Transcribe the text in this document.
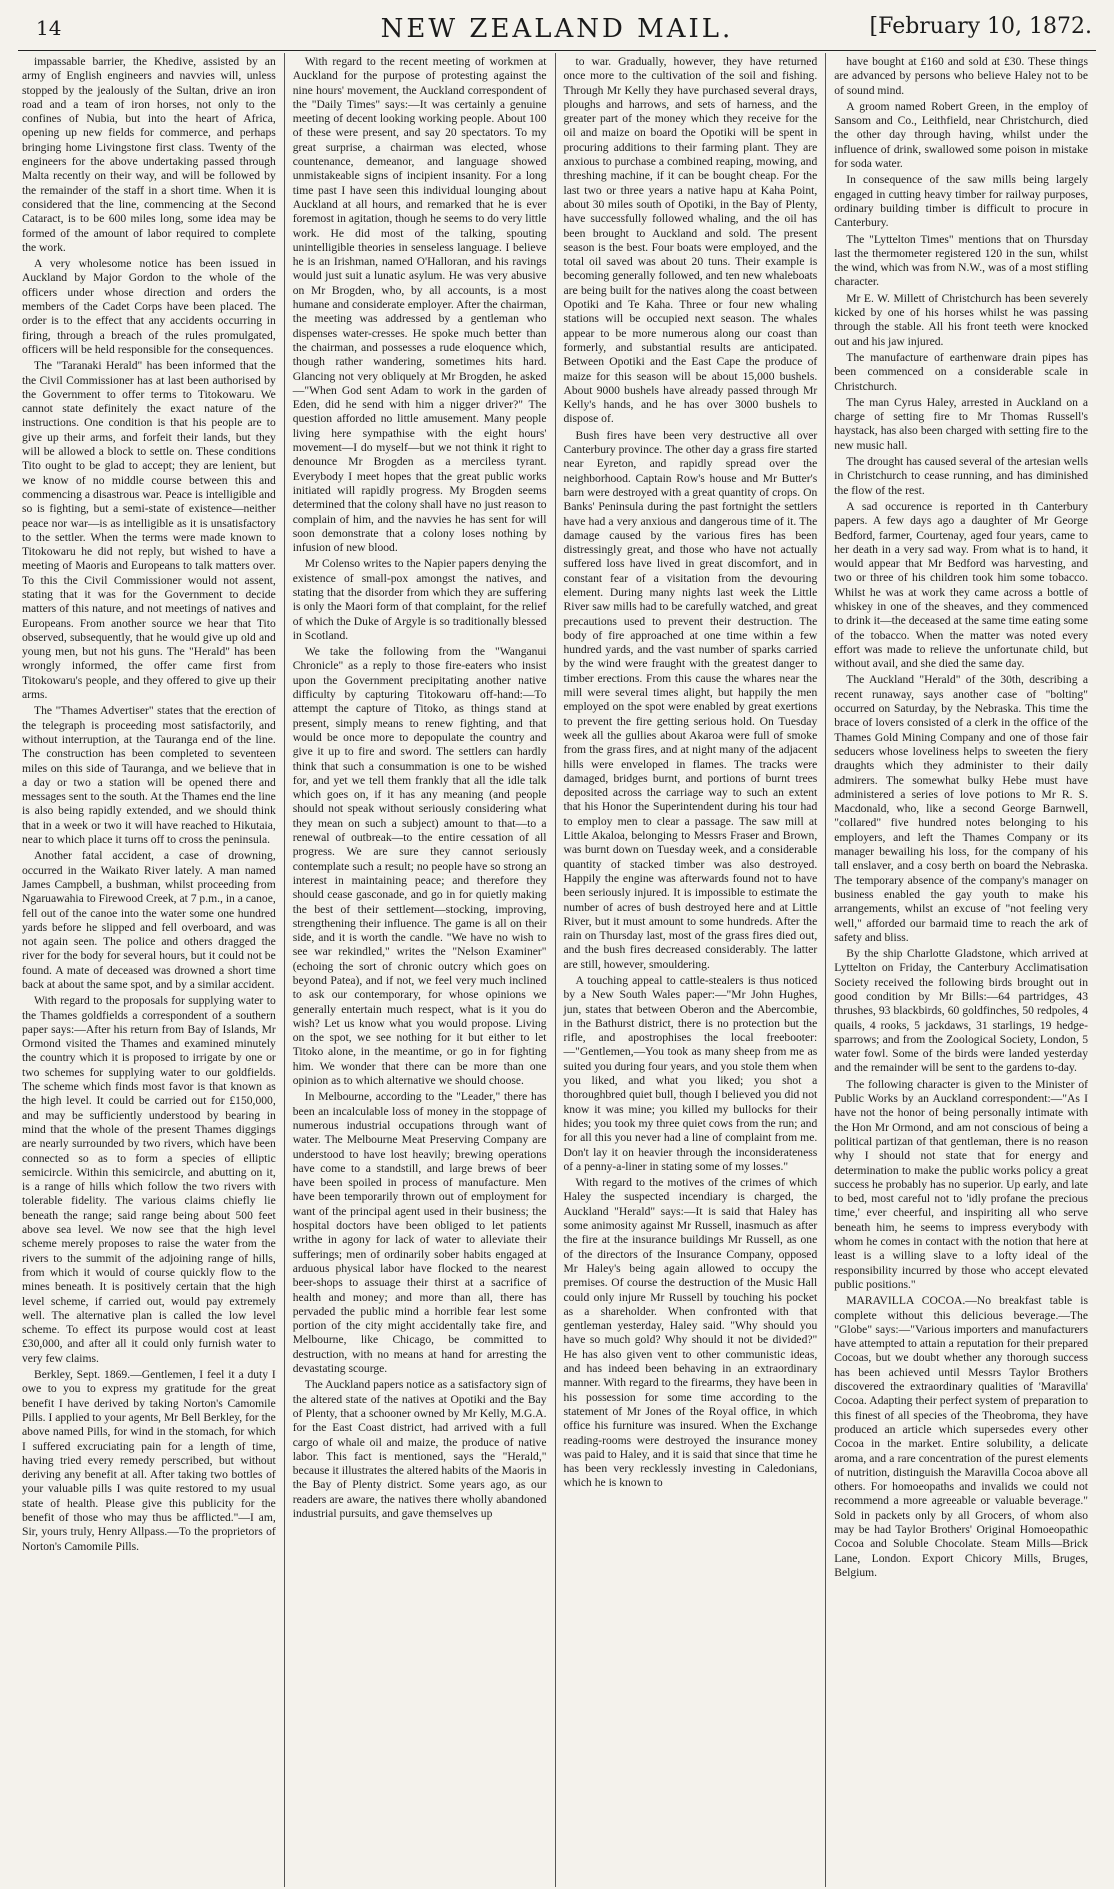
14	NEW ZEALAND MAIL.	[February 10, 1872.

impassable barrier, the Khedive, assisted by an army of English engineers and navvies will, unless stopped by the jealously of the Sultan, drive an iron road and a team of iron horses, not only to the confines of Nubia, but into the heart of Africa, opening up new fields for commerce, and perhaps bringing home Livingstone first class. Twenty of the engineers for the above undertaking passed through Malta recently on their way, and will be followed by the remainder of the staff in a short time. When it is considered that the line, commencing at the Second Cataract, is to be 600 miles long, some idea may be formed of the amount of labor required to complete the work.

A very wholesome notice has been issued in Auckland by Major Gordon to the whole of the officers under whose direction and orders the members of the Cadet Corps have been placed. The order is to the effect that any accidents occurring in firing, through a breach of the rules promulgated, officers will be held responsible for the consequences.

The "Taranaki Herald" has been informed that the the Civil Commissioner has at last been authorised by the Government to offer terms to Titokowaru. We cannot state definitely the exact nature of the instructions. One condition is that his people are to give up their arms, and forfeit their lands, but they will be allowed a block to settle on. These conditions Tito ought to be glad to accept; they are lenient, but we know of no middle course between this and commencing a disastrous war. Peace is intelligible and so is fighting, but a semi-state of existence—neither peace nor war—is as intelligible as it is unsatisfactory to the settler. When the terms were made known to Titokowaru he did not reply, but wished to have a meeting of Maoris and Europeans to talk matters over. To this the Civil Commissioner would not assent, stating that it was for the Government to decide matters of this nature, and not meetings of natives and Europeans. From another source we hear that Tito observed, subsequently, that he would give up old and young men, but not his guns. The "Herald" has been wrongly informed, the offer came first from Titokowaru's people, and they offered to give up their arms.

The "Thames Advertiser" states that the erection of the telegraph is proceeding most satisfactorily, and without interruption, at the Tauranga end of the line. The construction has been completed to seventeen miles on this side of Tauranga, and we believe that in a day or two a station will be opened there and messages sent to the south. At the Thames end the line is also being rapidly extended, and we should think that in a week or two it will have reached to Hikutaia, near to which place it turns off to cross the peninsula.

Another fatal accident, a case of drowning, occurred in the Waikato River lately. A man named James Campbell, a bushman, whilst proceeding from Ngaruawahia to Firewood Creek, at 7 p.m., in a canoe, fell out of the canoe into the water some one hundred yards before he slipped and fell overboard, and was not again seen. The police and others dragged the river for the body for several hours, but it could not be found. A mate of deceased was drowned a short time back at about the same spot, and by a similar accident.

With regard to the proposals for supplying water to the Thames goldfields a correspondent of a southern paper says:—After his return from Bay of Islands, Mr Ormond visited the Thames and examined minutely the country which it is proposed to irrigate by one or two schemes for supplying water to our goldfields. The scheme which finds most favor is that known as the high level. It could be carried out for £150,000, and may be sufficiently understood by bearing in mind that the whole of the present Thames diggings are nearly surrounded by two rivers, which have been connected so as to form a species of elliptic semicircle. Within this semicircle, and abutting on it, is a range of hills which follow the two rivers with tolerable fidelity. The various claims chiefly lie beneath the range; said range being about 500 feet above sea level. We now see that the high level scheme merely proposes to raise the water from the rivers to the summit of the adjoining range of hills, from which it would of course quickly flow to the mines beneath. It is positively certain that the high level scheme, if carried out, would pay extremely well. The alternative plan is called the low level scheme. To effect its purpose would cost at least £30,000, and after all it could only furnish water to very few claims.

Berkley, Sept. 1869.—Gentlemen, I feel it a duty I owe to you to express my gratitude for the great benefit I have derived by taking Norton's Camomile Pills. I applied to your agents, Mr Bell Berkley, for the above named Pills, for wind in the stomach, for which I suffered excruciating pain for a length of time, having tried every remedy perscribed, but without deriving any benefit at all. After taking two bottles of your valuable pills I was quite restored to my usual state of health. Please give this publicity for the benefit of those who may thus be afflicted."—I am, Sir, yours truly, Henry Allpass.—To the proprietors of Norton's Camomile Pills.

With regard to the recent meeting of workmen at Auckland for the purpose of protesting against the nine hours' movement, the Auckland correspondent of the "Daily Times" says:—It was certainly a genuine meeting of decent looking working people. About 100 of these were present, and say 20 spectators. To my great surprise, a chairman was elected, whose countenance, demeanor, and language showed unmistakeable signs of incipient insanity. For a long time past I have seen this individual lounging about Auckland at all hours, and remarked that he is ever foremost in agitation, though he seems to do very little work. He did most of the talking, spouting unintelligible theories in senseless language. I believe he is an Irishman, named O'Halloran, and his ravings would just suit a lunatic asylum. He was very abusive on Mr Brogden, who, by all accounts, is a most humane and considerate employer. After the chairman, the meeting was addressed by a gentleman who dispenses water-cresses. He spoke much better than the chairman, and possesses a rude eloquence which, though rather wandering, sometimes hits hard. Glancing not very obliquely at Mr Brogden, he asked—"When God sent Adam to work in the garden of Eden, did he send with him a nigger driver?" The question afforded no little amusement. Many people living here sympathise with the eight hours' movement—I do myself—but we not think it right to denounce Mr Brogden as a merciless tyrant. Everybody I meet hopes that the great public works initiated will rapidly progress. My Brogden seems determined that the colony shall have no just reason to complain of him, and the navvies he has sent for will soon demonstrate that a colony loses nothing by infusion of new blood.

Mr Colenso writes to the Napier papers denying the existence of small-pox amongst the natives, and stating that the disorder from which they are suffering is only the Maori form of that complaint, for the relief of which the Duke of Argyle is so traditionally blessed in Scotland.

We take the following from the "Wanganui Chronicle" as a reply to those fire-eaters who insist upon the Government precipitating another native difficulty by capturing Titokowaru off-hand:—To attempt the capture of Titoko, as things stand at present, simply means to renew fighting, and that would be once more to depopulate the country and give it up to fire and sword. The settlers can hardly think that such a consummation is one to be wished for, and yet we tell them frankly that all the idle talk which goes on, if it has any meaning (and people should not speak without seriously considering what they mean on such a subject) amount to that—to a renewal of outbreak—to the entire cessation of all progress. We are sure they cannot seriously contemplate such a result; no people have so strong an interest in maintaining peace; and therefore they should cease gasconade, and go in for quietly making the best of their settlement—stocking, improving, strengthening their influence. The game is all on their side, and it is worth the candle. "We have no wish to see war rekindled," writes the "Nelson Examiner" (echoing the sort of chronic outcry which goes on beyond Patea), and if not, we feel very much inclined to ask our contemporary, for whose opinions we generally entertain much respect, what is it you do wish? Let us know what you would propose. Living on the spot, we see nothing for it but either to let Titoko alone, in the meantime, or go in for fighting him. We wonder that there can be more than one opinion as to which alternative we should choose.

In Melbourne, according to the "Leader," there has been an incalculable loss of money in the stoppage of numerous industrial occupations through want of water. The Melbourne Meat Preserving Company are understood to have lost heavily; brewing operations have come to a standstill, and large brews of beer have been spoiled in process of manufacture. Men have been temporarily thrown out of employment for want of the principal agent used in their business; the hospital doctors have been obliged to let patients writhe in agony for lack of water to alleviate their sufferings; men of ordinarily sober habits engaged at arduous physical labor have flocked to the nearest beer-shops to assuage their thirst at a sacrifice of health and money; and more than all, there has pervaded the public mind a horrible fear lest some portion of the city might accidentally take fire, and Melbourne, like Chicago, be committed to destruction, with no means at hand for arresting the devastating scourge.

The Auckland papers notice as a satisfactory sign of the altered state of the natives at Opotiki and the Bay of Plenty, that a schooner owned by Mr Kelly, M.G.A. for the East Coast district, had arrived with a full cargo of whale oil and maize, the produce of native labor. This fact is mentioned, says the "Herald," because it illustrates the altered habits of the Maoris in the Bay of Plenty district. Some years ago, as our readers are aware, the natives there wholly abandoned industrial pursuits, and gave themselves up

to war. Gradually, however, they have returned once more to the cultivation of the soil and fishing. Through Mr Kelly they have purchased several drays, ploughs and harrows, and sets of harness, and the greater part of the money which they receive for the oil and maize on board the Opotiki will be spent in procuring additions to their farming plant. They are anxious to purchase a combined reaping, mowing, and threshing machine, if it can be bought cheap. For the last two or three years a native hapu at Kaha Point, about 30 miles south of Opotiki, in the Bay of Plenty, have successfully followed whaling, and the oil has been brought to Auckland and sold. The present season is the best. Four boats were employed, and the total oil saved was about 20 tuns. Their example is becoming generally followed, and ten new whaleboats are being built for the natives along the coast between Opotiki and Te Kaha. Three or four new whaling stations will be occupied next season. The whales appear to be more numerous along our coast than formerly, and substantial results are anticipated. Between Opotiki and the East Cape the produce of maize for this season will be about 15,000 bushels. About 9000 bushels have already passed through Mr Kelly's hands, and he has over 3000 bushels to dispose of.

Bush fires have been very destructive all over Canterbury province. The other day a grass fire started near Eyreton, and rapidly spread over the neighborhood. Captain Row's house and Mr Butter's barn were destroyed with a great quantity of crops. On Banks' Peninsula during the past fortnight the settlers have had a very anxious and dangerous time of it. The damage caused by the various fires has been distressingly great, and those who have not actually suffered loss have lived in great discomfort, and in constant fear of a visitation from the devouring element. During many nights last week the Little River saw mills had to be carefully watched, and great precautions used to prevent their destruction. The body of fire approached at one time within a few hundred yards, and the vast number of sparks carried by the wind were fraught with the greatest danger to timber erections. From this cause the whares near the mill were several times alight, but happily the men employed on the spot were enabled by great exertions to prevent the fire getting serious hold. On Tuesday week all the gullies about Akaroa were full of smoke from the grass fires, and at night many of the adjacent hills were enveloped in flames. The tracks were damaged, bridges burnt, and portions of burnt trees deposited across the carriage way to such an extent that his Honor the Superintendent during his tour had to employ men to clear a passage. The saw mill at Little Akaloa, belonging to Messrs Fraser and Brown, was burnt down on Tuesday week, and a considerable quantity of stacked timber was also destroyed. Happily the engine was afterwards found not to have been seriously injured. It is impossible to estimate the number of acres of bush destroyed here and at Little River, but it must amount to some hundreds. After the rain on Thursday last, most of the grass fires died out, and the bush fires decreased considerably. The latter are still, however, smouldering.

A touching appeal to cattle-stealers is thus noticed by a New South Wales paper:—"Mr John Hughes, jun, states that between Oberon and the Abercombie, in the Bathurst district, there is no protection but the rifle, and apostrophises the local freebooter:—"Gentlemen,—You took as many sheep from me as suited you during four years, and you stole them when you liked, and what you liked; you shot a thoroughbred quiet bull, though I believed you did not know it was mine; you killed my bullocks for their hides; you took my three quiet cows from the run; and for all this you never had a line of complaint from me. Don't lay it on heavier through the inconsiderateness of a penny-a-liner in stating some of my losses."

With regard to the motives of the crimes of which Haley the suspected incendiary is charged, the Auckland "Herald" says:—It is said that Haley has some animosity against Mr Russell, inasmuch as after the fire at the insurance buildings Mr Russell, as one of the directors of the Insurance Company, opposed Mr Haley's being again allowed to occupy the premises. Of course the destruction of the Music Hall could only injure Mr Russell by touching his pocket as a shareholder. When confronted with that gentleman yesterday, Haley said. "Why should you have so much gold? Why should it not be divided?" He has also given vent to other communistic ideas, and has indeed been behaving in an extraordinary manner. With regard to the firearms, they have been in his possession for some time according to the statement of Mr Jones of the Royal office, in which office his furniture was insured. When the Exchange reading-rooms were destroyed the insurance money was paid to Haley, and it is said that since that time he has been very recklessly investing in Caledonians, which he is known to

have bought at £160 and sold at £30. These things are advanced by persons who believe Haley not to be of sound mind.

A groom named Robert Green, in the employ of Sansom and Co., Leithfield, near Christchurch, died the other day through having, whilst under the influence of drink, swallowed some poison in mistake for soda water.

In consequence of the saw mills being largely engaged in cutting heavy timber for railway purposes, ordinary building timber is difficult to procure in Canterbury.

The "Lyttelton Times" mentions that on Thursday last the thermometer registered 120 in the sun, whilst the wind, which was from N.W., was of a most stifling character.

Mr E. W. Millett of Christchurch has been severely kicked by one of his horses whilst he was passing through the stable. All his front teeth were knocked out and his jaw injured.

The manufacture of earthenware drain pipes has been commenced on a considerable scale in Christchurch.

The man Cyrus Haley, arrested in Auckland on a charge of setting fire to Mr Thomas Russell's haystack, has also been charged with setting fire to the new music hall.

The drought has caused several of the artesian wells in Christchurch to cease running, and has diminished the flow of the rest.

A sad occurence is reported in th Canterbury papers. A few days ago a daughter of Mr George Bedford, farmer, Courtenay, aged four years, came to her death in a very sad way. From what is to hand, it would appear that Mr Bedford was harvesting, and two or three of his children took him some tobacco. Whilst he was at work they came across a bottle of whiskey in one of the sheaves, and they commenced to drink it—the deceased at the same time eating some of the tobacco. When the matter was noted every effort was made to relieve the unfortunate child, but without avail, and she died the same day.

The Auckland "Herald" of the 30th, describing a recent runaway, says another case of "bolting" occurred on Saturday, by the Nebraska. This time the brace of lovers consisted of a clerk in the office of the Thames Gold Mining Company and one of those fair seducers whose loveliness helps to sweeten the fiery draughts which they administer to their daily admirers. The somewhat bulky Hebe must have administered a series of love potions to Mr R. S. Macdonald, who, like a second George Barnwell, "collared" five hundred notes belonging to his employers, and left the Thames Company or its manager bewailing his loss, for the company of his tall enslaver, and a cosy berth on board the Nebraska. The temporary absence of the company's manager on business enabled the gay youth to make his arrangements, whilst an excuse of "not feeling very well," afforded our barmaid time to reach the ark of safety and bliss.

By the ship Charlotte Gladstone, which arrived at Lyttelton on Friday, the Canterbury Acclimatisation Society received the following birds brought out in good condition by Mr Bills:—64 partridges, 43 thrushes, 93 blackbirds, 60 goldfinches, 50 redpoles, 4 quails, 4 rooks, 5 jackdaws, 31 starlings, 19 hedge-sparrows; and from the Zoological Society, London, 5 water fowl. Some of the birds were landed yesterday and the remainder will be sent to the gardens to-day.

The following character is given to the Minister of Public Works by an Auckland correspondent:—"As I have not the honor of being personally intimate with the Hon Mr Ormond, and am not conscious of being a political partizan of that gentleman, there is no reason why I should not state that for energy and determination to make the public works policy a great success he probably has no superior. Up early, and late to bed, most careful not to 'idly profane the precious time,' ever cheerful, and inspiriting all who serve beneath him, he seems to impress everybody with whom he comes in contact with the notion that here at least is a willing slave to a lofty ideal of the responsibility incurred by those who accept elevated public positions."

MARAVILLA COCOA.—No breakfast table is complete without this delicious beverage.—The "Globe" says:—"Various importers and manufacturers have attempted to attain a reputation for their prepared Cocoas, but we doubt whether any thorough success has been achieved until Messrs Taylor Brothers discovered the extraordinary qualities of 'Maravilla' Cocoa. Adapting their perfect system of preparation to this finest of all species of the Theobroma, they have produced an article which supersedes every other Cocoa in the market. Entire solubility, a delicate aroma, and a rare concentration of the purest elements of nutrition, distinguish the Maravilla Cocoa above all others. For homoeopaths and invalids we could not recommend a more agreeable or valuable beverage." Sold in packets only by all Grocers, of whom also may be had Taylor Brothers' Original Homoeopathic Cocoa and Soluble Chocolate. Steam Mills—Brick Lane, London. Export Chicory Mills, Bruges, Belgium.
